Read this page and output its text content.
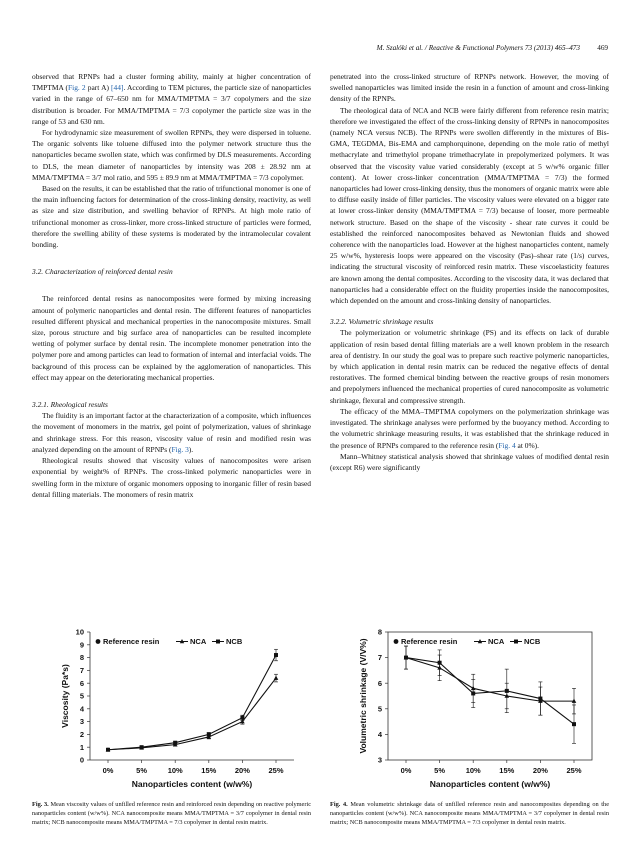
M. Szalóki et al. / Reactive & Functional Polymers 73 (2013) 465–473 469

observed that RPNPs had a cluster forming ability, mainly at higher concentration of TMPTMA (Fig. 2 part A) [44]. According to TEM pictures, the particle size of nanoparticles varied in the range of 67–650 nm for MMA/TMPTMA = 3/7 copolymers and the size distribution is broader. For MMA/TMPTMA = 7/3 copolymer the particle size was in the range of 53 and 630 nm.

For hydrodynamic size measurement of swollen RPNPs, they were dispersed in toluene. The organic solvents like toluene diffused into the polymer network structure thus the nanoparticles became swollen state, which was confirmed by DLS measurements. According to DLS, the mean diameter of nanoparticles by intensity was 208 ± 28.92 nm at MMA/TMPTMA = 3/7 mol ratio, and 595 ± 89.9 nm at MMA/TMPTMA = 7/3 copolymer.

Based on the results, it can be established that the ratio of trifunctional monomer is one of the main influencing factors for determination of the cross-linking density, reactivity, as well as size and size distribution, and swelling behavior of RPNPs. At high mole ratio of trifunctional monomer as cross-linker, more cross-linked structure of particles were formed, therefore the swelling ability of these systems is moderated by the intramolecular covalent bonding.

3.2. Characterization of reinforced dental resin

The reinforced dental resins as nanocomposites were formed by mixing increasing amount of polymeric nanoparticles and dental resin. The different features of nanoparticles resulted different physical and mechanical properties in the nanocomposite mixtures. Small size, porous structure and big surface area of nanoparticles can be resulted incomplete wetting of polymer surface by dental resin. The incomplete monomer penetration into the polymer pore and among particles can lead to formation of internal and interfacial voids. The background of this process can be explained by the agglomeration of nanoparticles. This effect may appear on the deteriorating mechanical properties.

3.2.1. Rheological results

The fluidity is an important factor at the characterization of a composite, which influences the movement of monomers in the matrix, gel point of polymerization, values of shrinkage and shrinkage stress. For this reason, viscosity value of resin and modified resin was analyzed depending on the amount of RPNPs (Fig. 3).

Rheological results showed that viscosity values of nanocomposites were arisen exponential by weight% of RPNPs. The cross-linked polymeric nanoparticles were in swelling form in the mixture of organic monomers opposing to inorganic filler of resin based dental filling materials. The monomers of resin matrix

penetrated into the cross-linked structure of RPNPs network. However, the moving of swelled nanoparticles was limited inside the resin in a function of amount and cross-linking density of the RPNPs.

The rheological data of NCA and NCB were fairly different from reference resin matrix; therefore we investigated the effect of the cross-linking density of RPNPs in nanocomposites (namely NCA versus NCB). The RPNPs were swollen differently in the mixtures of Bis-GMA, TEGDMA, Bis-EMA and camphorquinone, depending on the mole ratio of methyl methacrylate and trimethylol propane trimethacrylate in prepolymerized polymers. It was observed that the viscosity value varied considerably (except at 5 w/w% organic filler content). At lower cross-linker concentration (MMA/TMPTMA = 7/3) the formed nanoparticles had lower cross-linking density, thus the monomers of organic matrix were able to diffuse easily inside of filler particles. The viscosity values were elevated on a bigger rate at lower cross-linker density (MMA/TMPTMA = 7/3) because of looser, more permeable network structure. Based on the shape of the viscosity - shear rate curves it could be established the reinforced nanocomposites behaved as Newtonian fluids and showed coherence with the nanoparticles load. However at the highest nanoparticles content, namely 25 w/w%, hysteresis loops were appeared on the viscosity (Pas)–shear rate (1/s) curves, indicating the structural viscosity of reinforced resin matrix. These viscoelasticity features are known among the dental composites. According to the viscosity data, it was declared that nanoparticles had a considerable effect on the fluidity properties inside the nanocomposites, which depended on the amount and cross-linking density of nanoparticles.

3.2.2. Volumetric shrinkage results

The polymerization or volumetric shrinkage (PS) and its effects on lack of durable application of resin based dental filling materials are a well known problem in the research area of dentistry. In our study the goal was to prepare such reactive polymeric nanoparticles, by which application in dental resin matrix can be reduced the negative effects of dental restoratives. The formed chemical binding between the reactive groups of resin monomers and prepolymers influenced the mechanical properties of cured nanocomposite as volumetric shrinkage, flexural and compressive strength.

The efficacy of the MMA–TMPTMA copolymers on the polymerization shrinkage was investigated. The shrinkage analyses were performed by the buoyancy method. According to the volumetric shrinkage measuring results, it was established that the shrinkage reduced in the presence of RPNPs compared to the reference resin (Fig. 4 at 0%).

Mann–Whitney statistical analysis showed that shrinkage values of modified dental resin (except R6) were significantly

0
1
2
3
4
5
6
7
8
9
10
0%	5%	10% 15% 20% 25%
Nanoparticles content (w/w%)
Viscosity (Pa*s)
Reference resin	NCA	NCB
3
4
5
6
7
8
0%	5%	10% 15% 20% 25%
Nanoparticles content (w/w%)
Volumetric shrinkage (V/V%)	Reference resin	NCA	NCB
Fig. 3. Mean viscosity values of unfilled reference resin and reinforced resin depending on reactive polymeric nanoparticles content (w/w%). NCA nanocomposite means MMA/TMPTMA = 3/7 copolymer in dental resin matrix; NCB nanocomposite means MMA/TMPTMA = 7/3 copolymer in dental resin matrix.
Fig. 4. Mean volumetric shrinkage data of unfilled reference resin and nanocomposites depending on the nanoparticles content (w/w%). NCA nanocomposite means MMA/TMPTMA = 3/7 copolymer in dental resin matrix; NCB nanocomposite means MMA/TMPTMA = 7/3 copolymer in dental resin matrix.
